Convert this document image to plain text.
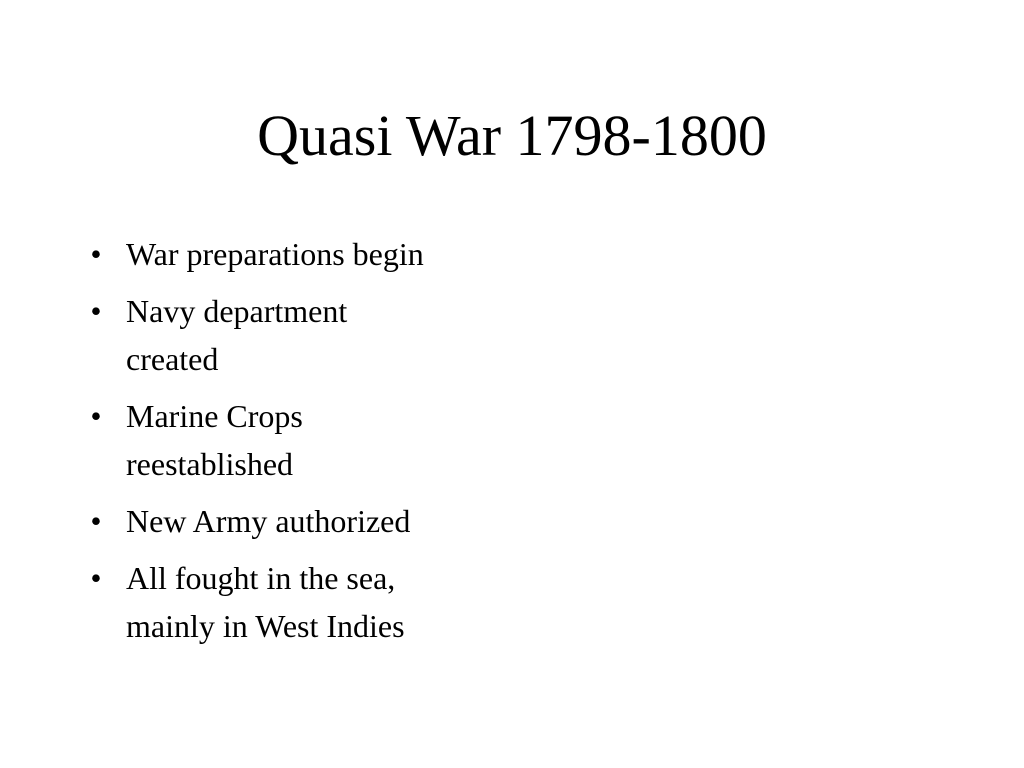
Quasi War 1798-1800
• War preparations begin
• Navy department
created
• Marine Crops
reestablished
• New Army authorized
• All fought in the sea,
mainly in West Indies
